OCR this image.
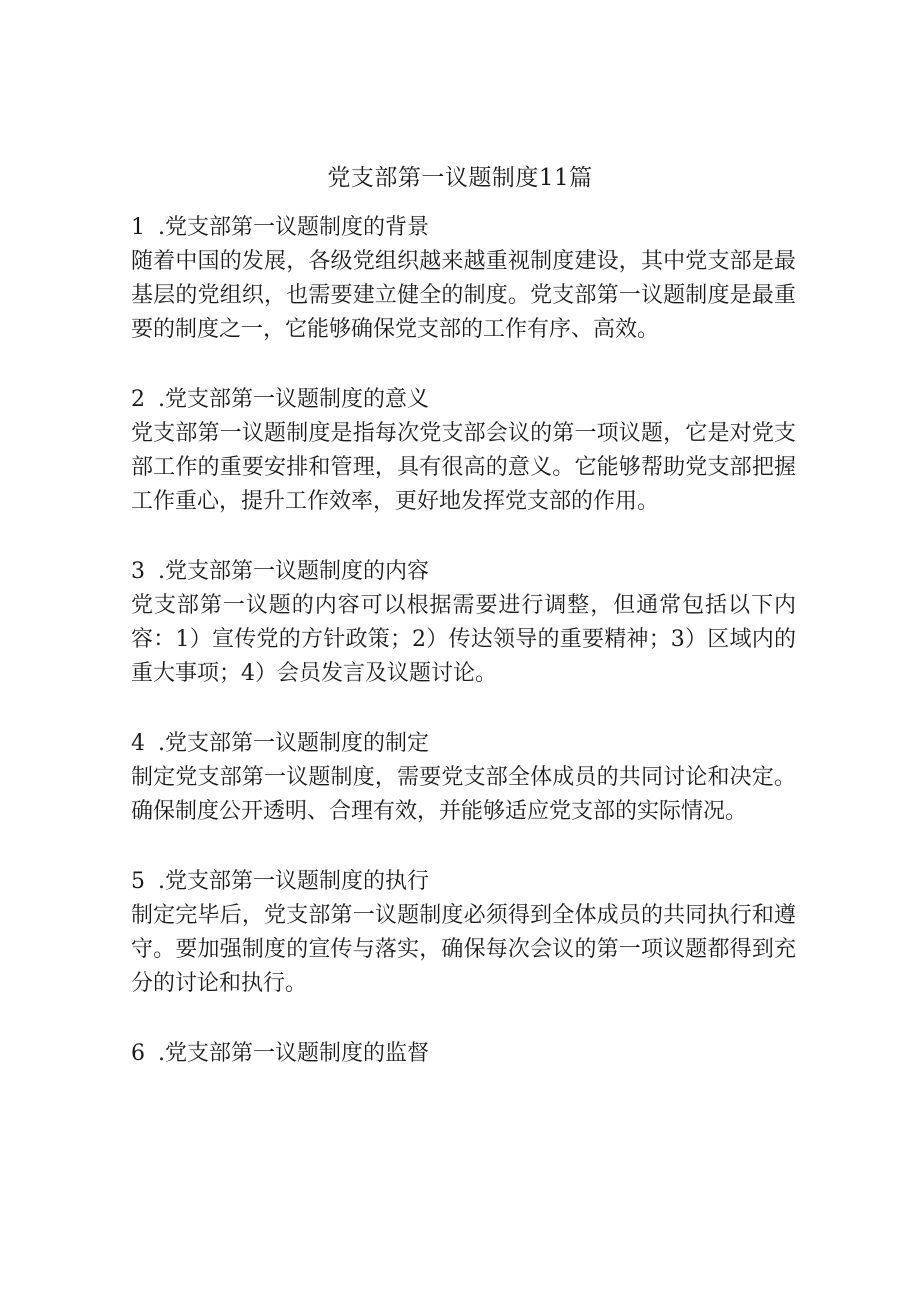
党支部第一议题制度11篇
1 .党支部第一议题制度的背景
随着中国的发展，各级党组织越来越重视制度建设，其中党支部是最基层的党组织，也需要建立健全的制度。党支部第一议题制度是最重要的制度之一，它能够确保党支部的工作有序、高效。
2 .党支部第一议题制度的意义
党支部第一议题制度是指每次党支部会议的第一项议题，它是对党支部工作的重要安排和管理，具有很高的意义。它能够帮助党支部把握工作重心，提升工作效率，更好地发挥党支部的作用。
3 .党支部第一议题制度的内容
党支部第一议题的内容可以根据需要进行调整，但通常包括以下内容：1）宣传党的方针政策；2）传达领导的重要精神；3）区域内的重大事项；4）会员发言及议题讨论。
4 .党支部第一议题制度的制定
制定党支部第一议题制度，需要党支部全体成员的共同讨论和决定。确保制度公开透明、合理有效，并能够适应党支部的实际情况。
5 .党支部第一议题制度的执行
制定完毕后，党支部第一议题制度必须得到全体成员的共同执行和遵守。要加强制度的宣传与落实，确保每次会议的第一项议题都得到充分的讨论和执行。
6 .党支部第一议题制度的监督
